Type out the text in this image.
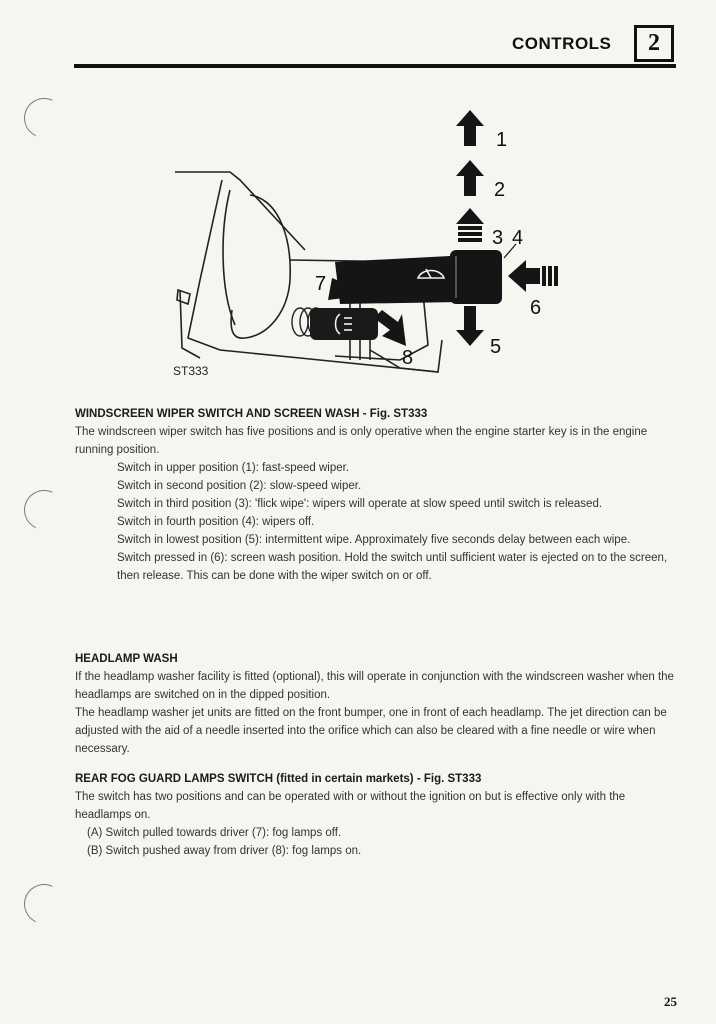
CONTROLS	2
1
2
3 4
5
6
7
8
ST333
WINDSCREEN WIPER SWITCH AND SCREEN WASH - Fig. ST333
The windscreen wiper switch has five positions and is only operative when the engine starter key is in the engine running position.
Switch in upper position (1): fast-speed wiper.
Switch in second position (2): slow-speed wiper.
Switch in third position (3): 'flick wipe': wipers will operate at slow speed until switch is released.
Switch in fourth position (4): wipers off.
Switch in lowest position (5): intermittent wipe. Approximately five seconds delay between each wipe.
Switch pressed in (6): screen wash position. Hold the switch until sufficient water is ejected on to the screen, then release. This can be done with the wiper switch on or off.
HEADLAMP WASH
If the headlamp washer facility is fitted (optional), this will operate in conjunction with the windscreen washer when the headlamps are switched on in the dipped position.
The headlamp washer jet units are fitted on the front bumper, one in front of each headlamp. The jet direction can be adjusted with the aid of a needle inserted into the orifice which can also be cleared with a fine needle or wire when necessary.
REAR FOG GUARD LAMPS SWITCH (fitted in certain markets) - Fig. ST333
The switch has two positions and can be operated with or without the ignition on but is effective only with the headlamps on.
(A) Switch pulled towards driver (7): fog lamps off.
(B) Switch pushed away from driver (8): fog lamps on.
25
